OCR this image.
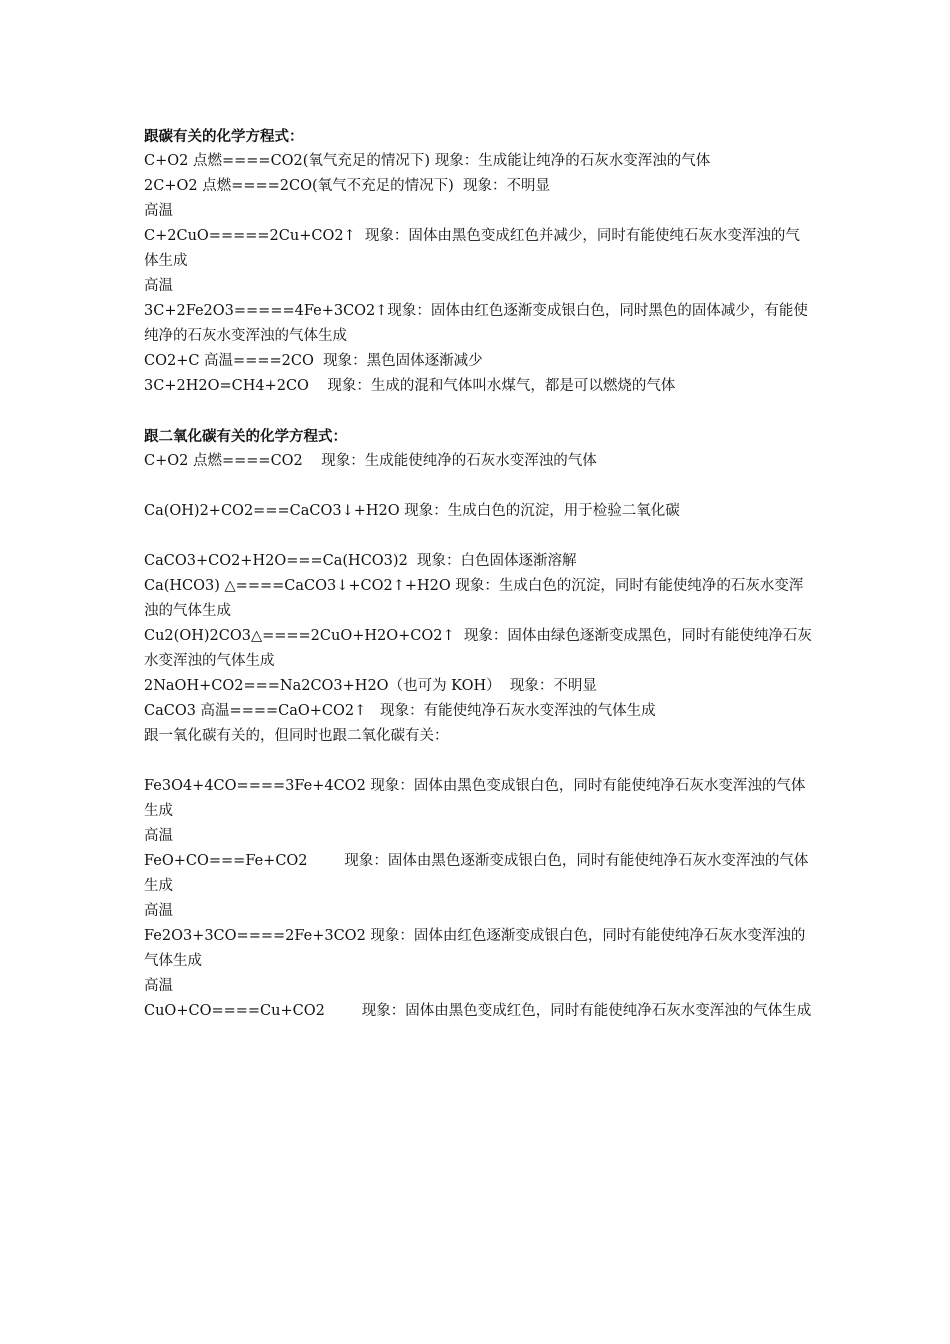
跟碳有关的化学方程式：
C+O2 点燃====CO2(氧气充足的情况下) 现象：生成能让纯净的石灰水变浑浊的气体
2C+O2 点燃====2CO(氧气不充足的情况下)  现象：不明显
高温
C+2CuO=====2Cu+CO2↑  现象：固体由黑色变成红色并减少，同时有能使纯石灰水变浑浊的气体生成
高温
3C+2Fe2O3=====4Fe+3CO2↑现象：固体由红色逐渐变成银白色，同时黑色的固体减少，有能使纯净的石灰水变浑浊的气体生成
CO2+C 高温====2CO  现象：黑色固体逐渐减少
3C+2H2O=CH4+2CO    现象：生成的混和气体叫水煤气，都是可以燃烧的气体
跟二氧化碳有关的化学方程式：
C+O2 点燃====CO2    现象：生成能使纯净的石灰水变浑浊的气体
Ca(OH)2+CO2===CaCO3↓+H2O 现象：生成白色的沉淀，用于检验二氧化碳
CaCO3+CO2+H2O===Ca(HCO3)2  现象：白色固体逐渐溶解
Ca(HCO3) △====CaCO3↓+CO2↑+H2O 现象：生成白色的沉淀，同时有能使纯净的石灰水变浑浊的气体生成
Cu2(OH)2CO3△====2CuO+H2O+CO2↑  现象：固体由绿色逐渐变成黑色，同时有能使纯净石灰水变浑浊的气体生成
2NaOH+CO2===Na2CO3+H2O（也可为 KOH）  现象：不明显
CaCO3 高温====CaO+CO2↑   现象：有能使纯净石灰水变浑浊的气体生成
跟一氧化碳有关的，但同时也跟二氧化碳有关：
Fe3O4+4CO====3Fe+4CO2 现象：固体由黑色变成银白色，同时有能使纯净石灰水变浑浊的气体生成
高温
FeO+CO===Fe+CO2        现象：固体由黑色逐渐变成银白色，同时有能使纯净石灰水变浑浊的气体生成
高温
Fe2O3+3CO====2Fe+3CO2 现象：固体由红色逐渐变成银白色，同时有能使纯净石灰水变浑浊的气体生成
高温
CuO+CO====Cu+CO2        现象：固体由黑色变成红色，同时有能使纯净石灰水变浑浊的气体生成
